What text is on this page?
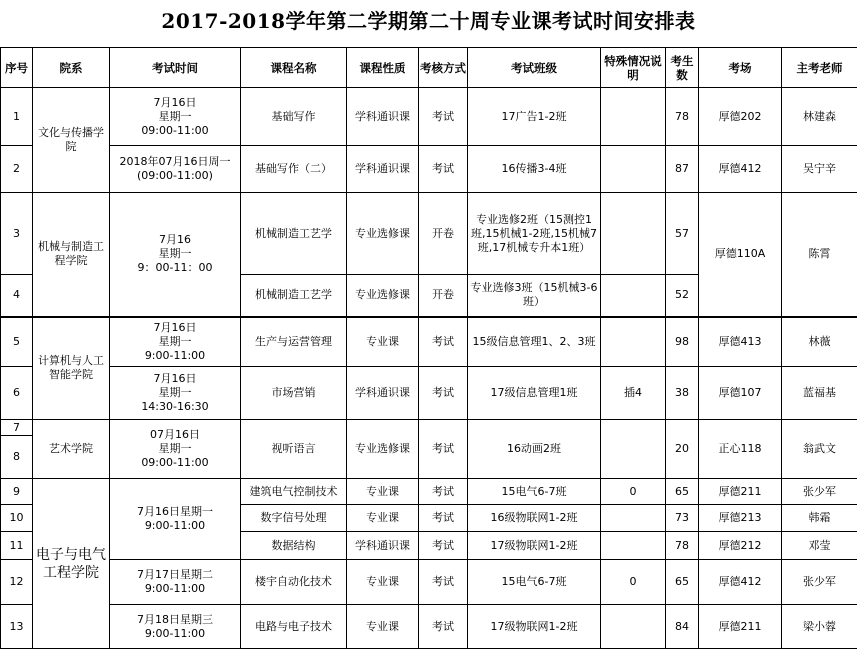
2017-2018学年第二学期第二十周专业课考试时间安排表
序号	院系	考试时间	课程名称	课程性质	考核方式	考试班级	特殊情况说明	考生数	考场	主考老师
1	文化与传播学院	7月16日
星期一
09:00-11:00	基础写作	学科通识课	考试	17广告1-2班		78	厚德202	林建森
2		2018年07月16日周一
(09:00-11:00)	基础写作（二）	学科通识课	考试	16传播3-4班		87	厚德412	吴宁辛
3	机械与制造工程学院	7月16
星期一
9：00-11：00	机械制造工艺学	专业选修课	开卷	专业选修2班（15测控1班,15机械1-2班,15机械7班,17机械专升本1班）		57	厚德110A	陈霄
4			机械制造工艺学	专业选修课	开卷	专业选修3班（15机械3-6班）		52		
5	计算机与人工智能学院	7月16日
星期一
9:00-11:00	生产与运营管理	专业课	考试	15级信息管理1、2、3班		98	厚德413	林薇
6		7月16日
星期一
14:30-16:30	市场营销	学科通识课	考试	17级信息管理1班	插4	38	厚德107	蓝福基
7	艺术学院	07月16日
星期一
09:00-11:00	视听语言	专业选修课	考试	16动画2班		20	正心118	翁武文
8										
9	电子与电气工程学院	7月16日星期一
9:00-11:00	建筑电气控制技术	专业课	考试	15电气6-7班	0	65	厚德211	张少军
10			数字信号处理	专业课	考试	16级物联网1-2班		73	厚德213	韩霜
11			数据结构	学科通识课	考试	17级物联网1-2班		78	厚德212	邓莹
12		7月17日星期二
9:00-11:00	楼宇自动化技术	专业课	考试	15电气6-7班	0	65	厚德412	张少军
13		7月18日星期三
9:00-11:00	电路与电子技术	专业课	考试	17级物联网1-2班		84	厚德211	梁小蓉
